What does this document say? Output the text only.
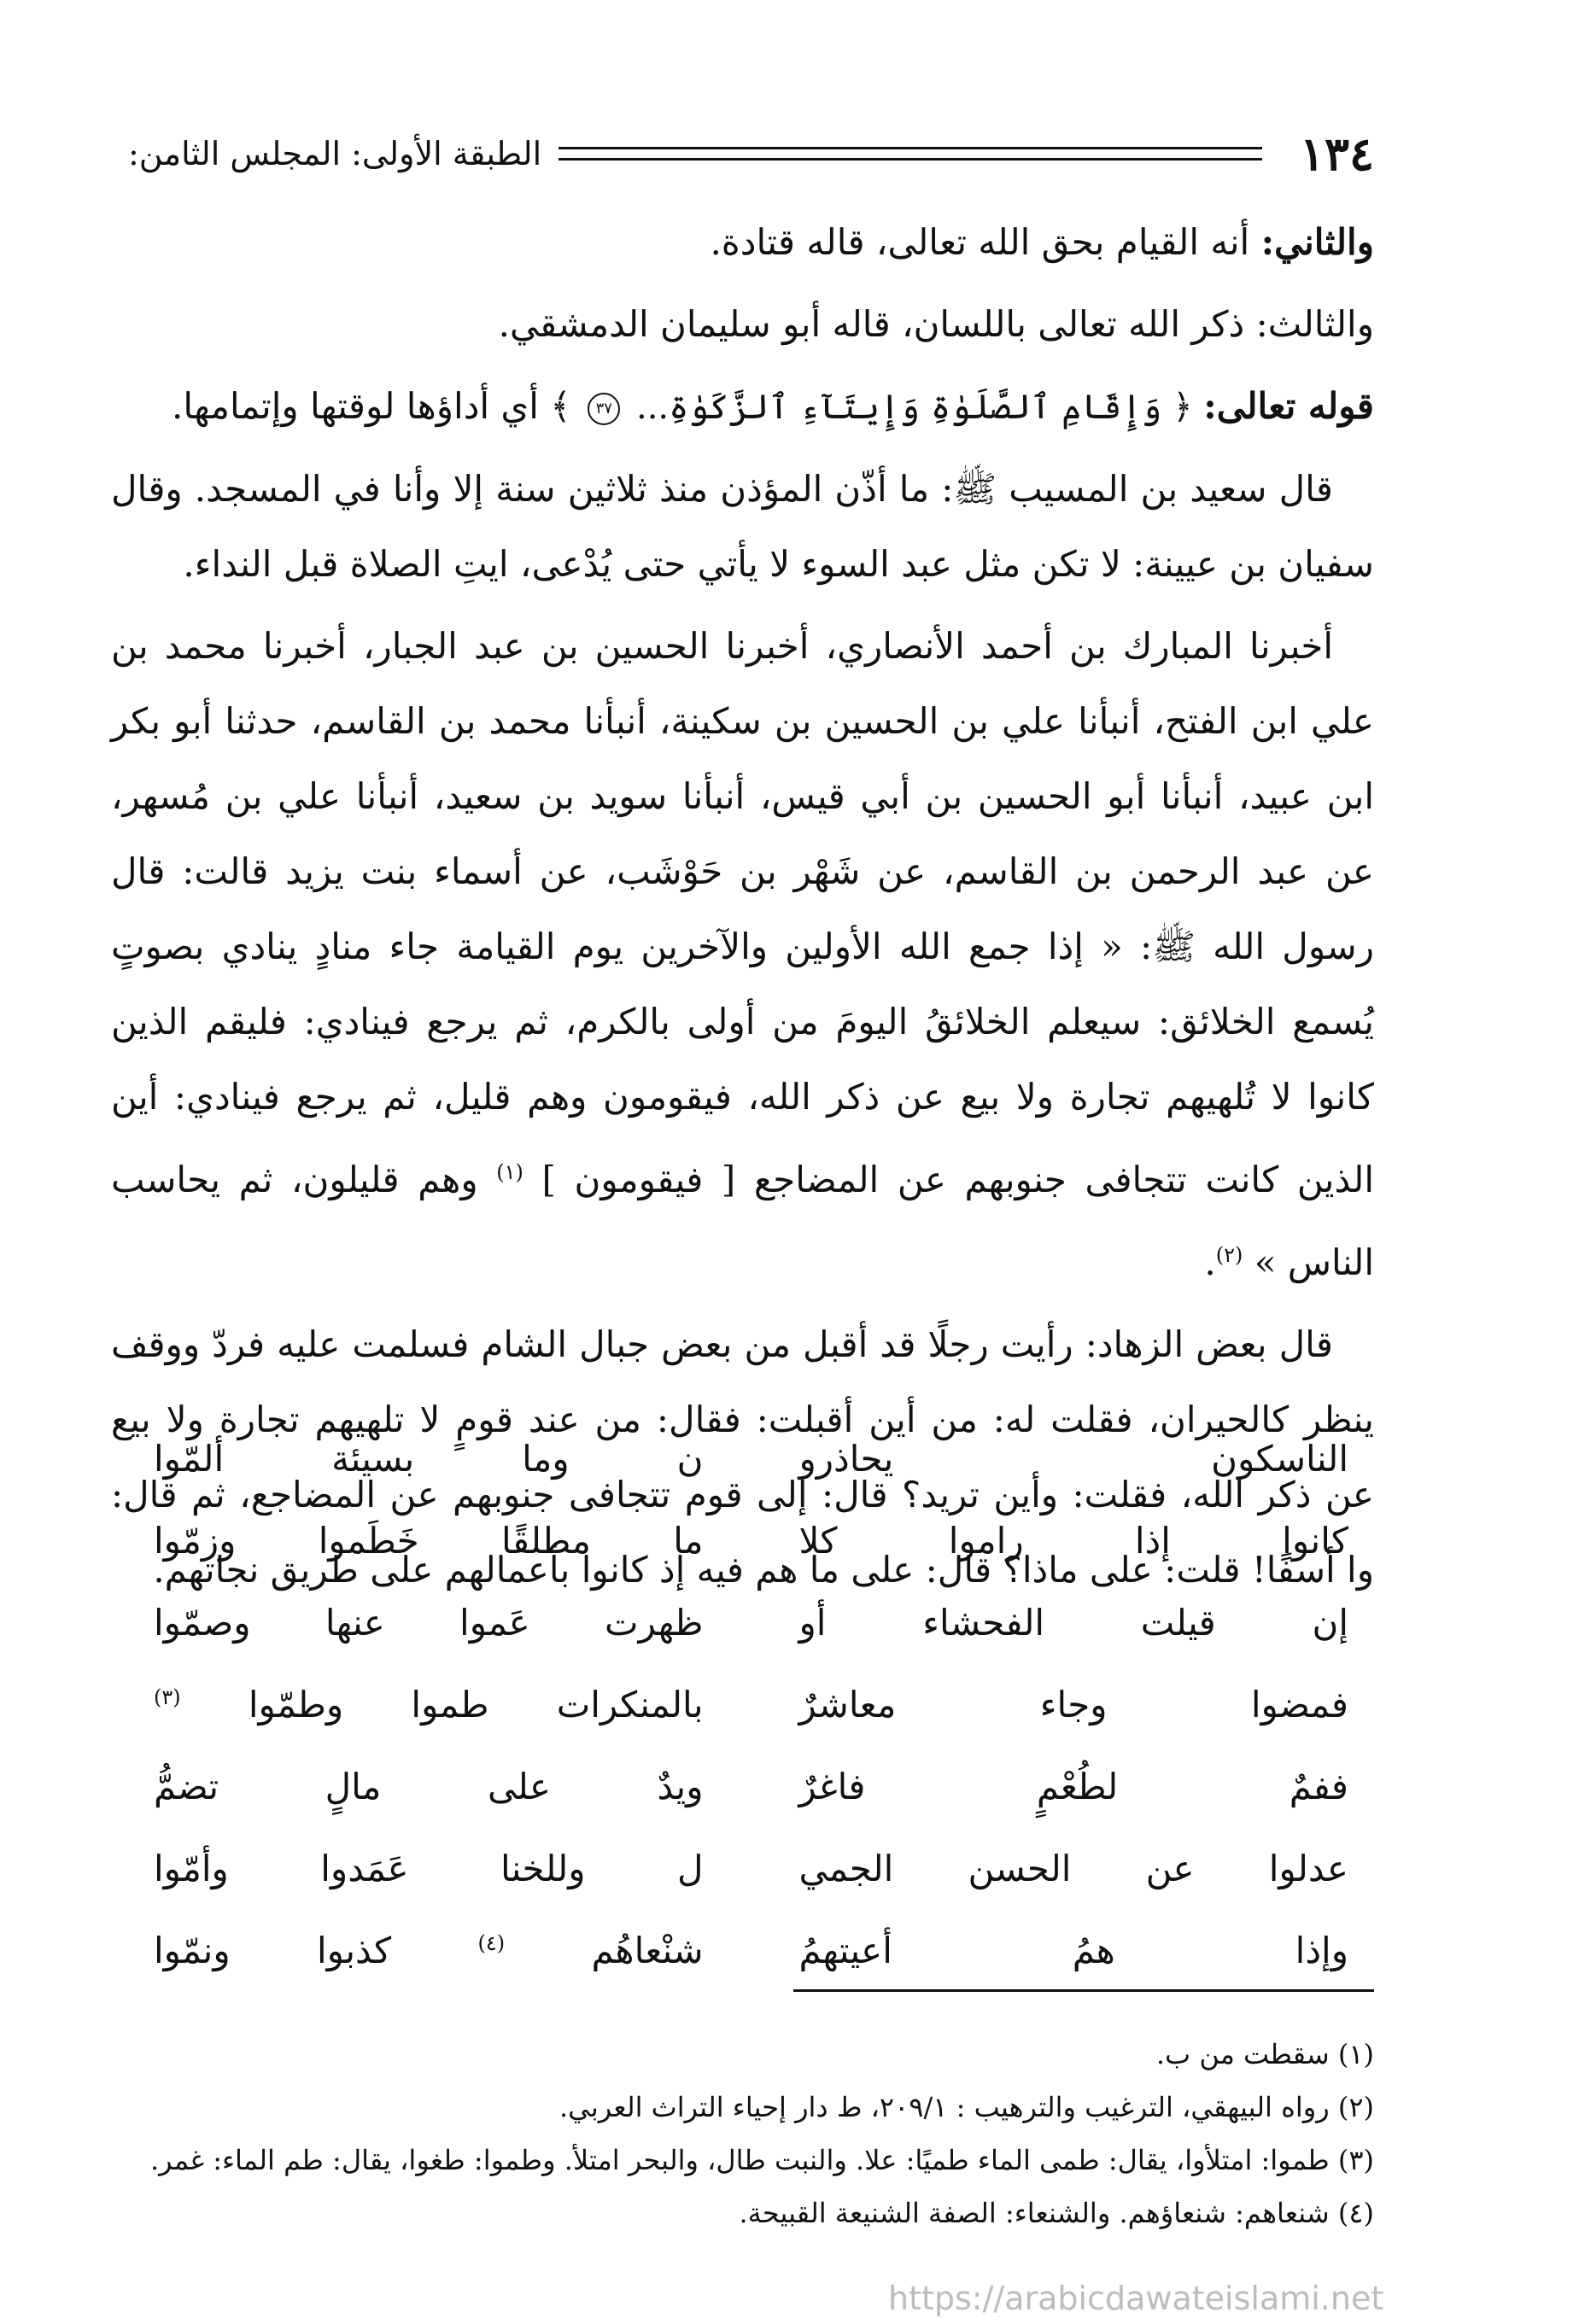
١٣٤
الطبقة الأولى: المجلس الثامن:

والثاني: أنه القيام بحق الله تعالى، قاله قتادة.

والثالث: ذكر الله تعالى باللسان، قاله أبو سليمان الدمشقي.

قوله تعالى: ﴿ وَإِقَامِ ٱلصَّلَوٰةِ وَإِيتَآءِ ٱلزَّكَوٰةِ... ٣٧ ﴾ أي أداؤها لوقتها وإتمامها.

قال سعيد بن المسيب ﷺ: ما أذّن المؤذن منذ ثلاثين سنة إلا وأنا في المسجد. وقال سفيان بن عيينة: لا تكن مثل عبد السوء لا يأتي حتى يُدْعى، ايتِ الصلاة قبل النداء.

أخبرنا المبارك بن أحمد الأنصاري، أخبرنا الحسين بن عبد الجبار، أخبرنا محمد بن علي ابن الفتح، أنبأنا علي بن الحسين بن سكينة، أنبأنا محمد بن القاسم، حدثنا أبو بكر ابن عبيد، أنبأنا أبو الحسين بن أبي قيس، أنبأنا سويد بن سعيد، أنبأنا علي بن مُسهر، عن عبد الرحمن بن القاسم، عن شَهْر بن حَوْشَب، عن أسماء بنت يزيد قالت: قال رسول الله ﷺ: « إذا جمع الله الأولين والآخرين يوم القيامة جاء منادٍ ينادي بصوتٍ يُسمع الخلائق: سيعلم الخلائقُ اليومَ من أولى بالكرم، ثم يرجع فينادي: فليقم الذين كانوا لا تُلهيهم تجارة ولا بيع عن ذكر الله، فيقومون وهم قليل، ثم يرجع فينادي: أين الذين كانت تتجافى جنوبهم عن المضاجع [ فيقومون ] $^{(١)}$ وهم قليلون، ثم يحاسب الناس » $^{(٢)}$.

قال بعض الزهاد: رأيت رجلًا قد أقبل من بعض جبال الشام فسلمت عليه فردّ ووقف ينظر كالحيران، فقلت له: من أين أقبلت: فقال: من عند قومٍ لا تلهيهم تجارة ولا بيع عن ذكر الله، فقلت: وأين تريد؟ قال: إلى قوم تتجافى جنوبهم عن المضاجع، ثم قال: وا أسفًا! قلت: على ماذا؟ قال: على ما هم فيه إذ كانوا بأعمالهم على طريق نجاتهم.

الناسكون يحاذرو
ن وما بسيئة ألمّوا
كانوا إذا راموا كلا
ما مطلقًا خَطَموا وزمّوا
إن قيلت الفحشاء أو
ظهرت عَموا عنها وصمّوا
فمضوا وجاء معاشرٌ
بالمنكرات طموا وطمّوا $^{(٣)}$
ففمٌ لطُعْمٍ فاغرٌ
ويدٌ على مالٍ تضمُّ
عدلوا عن الحسن الجمي
ل وللخنا عَمَدوا وأمّوا
وإذا همُ أعيتهمُ
شنْعاهُم $^{(٤)}$ كذبوا ونمّوا

(١) سقطت من ب.

(٢) رواه البيهقي، الترغيب والترهيب : ٢٠٩/١، ط دار إحياء التراث العربي.

(٣) طموا: امتلأوا، يقال: طمى الماء طميًا: علا. والنبت طال، والبحر امتلأ. وطموا: طغوا، يقال: طم الماء: غمر.

(٤) شنعاهم: شنعاؤهم. والشنعاء: الصفة الشنيعة القبيحة.

https://arabicdawateislami.net
